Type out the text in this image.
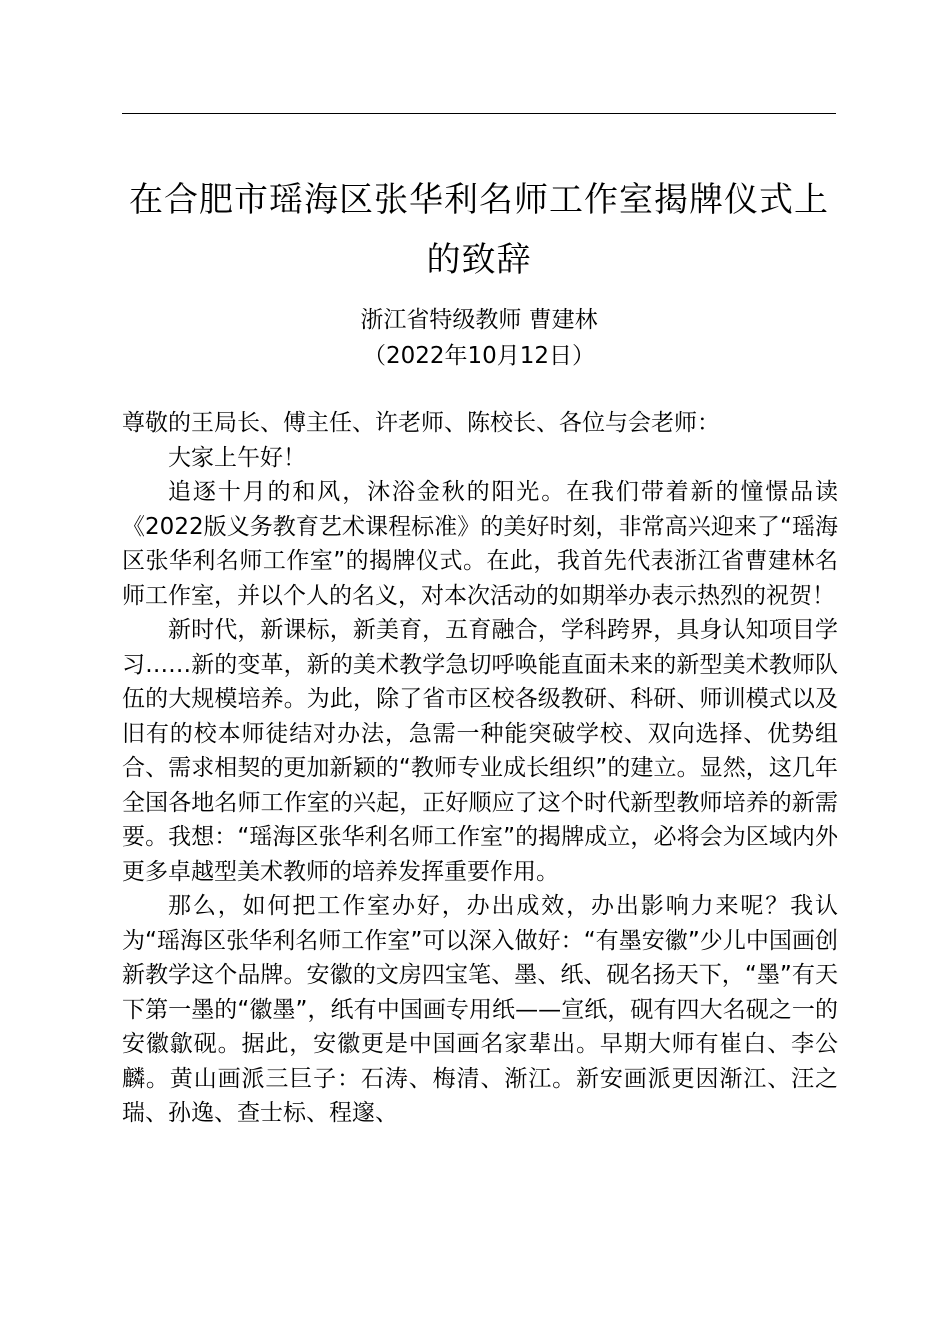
在合肥市瑶海区张华利名师工作室揭牌仪式上的致辞
浙江省特级教师 曹建林
（2022年10月12日）

尊敬的王局长、傅主任、许老师、陈校长、各位与会老师：

大家上午好！

追逐十月的和风，沐浴金秋的阳光。在我们带着新的憧憬品读《2022版义务教育艺术课程标准》的美好时刻，非常高兴迎来了“瑶海区张华利名师工作室”的揭牌仪式。在此，我首先代表浙江省曹建林名师工作室，并以个人的名义，对本次活动的如期举办表示热烈的祝贺！

新时代，新课标，新美育，五育融合，学科跨界，具身认知项目学习……新的变革，新的美术教学急切呼唤能直面未来的新型美术教师队伍的大规模培养。为此，除了省市区校各级教研、科研、师训模式以及旧有的校本师徒结对办法，急需一种能突破学校、双向选择、优势组合、需求相契的更加新颖的“教师专业成长组织”的建立。显然，这几年全国各地名师工作室的兴起，正好顺应了这个时代新型教师培养的新需要。我想：“瑶海区张华利名师工作室”的揭牌成立，必将会为区域内外更多卓越型美术教师的培养发挥重要作用。

那么，如何把工作室办好，办出成效，办出影响力来呢？我认为“瑶海区张华利名师工作室”可以深入做好：“有墨安徽”少儿中国画创新教学这个品牌。安徽的文房四宝笔、墨、纸、砚名扬天下，“墨”有天下第一墨的“徽墨”，纸有中国画专用纸——宣纸，砚有四大名砚之一的安徽歙砚。据此，安徽更是中国画名家辈出。早期大师有崔白、李公麟。黄山画派三巨子：石涛、梅清、渐江。新安画派更因渐江、汪之瑞、孙逸、查士标、程邃、
